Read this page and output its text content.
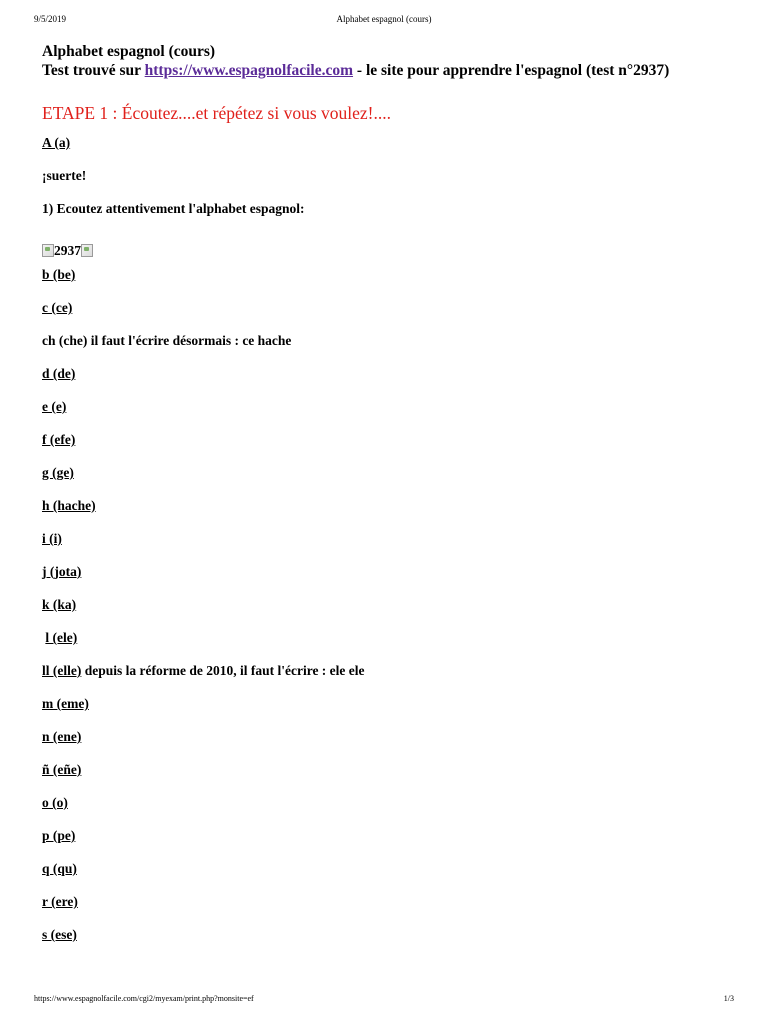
9/5/2019	Alphabet espagnol (cours)
Alphabet espagnol (cours)
Test trouvé sur https://www.espagnolfacile.com - le site pour apprendre l'espagnol (test n°2937)
ETAPE 1 : Écoutez....et répétez si vous voulez!....
A (a)
¡suerte!
1) Ecoutez attentivement l'alphabet espagnol:
2937
b (be)
c (ce)
ch (che) il faut l'écrire désormais : ce hache
d (de)
e (e)
f (efe)
g (ge)
h (hache)
i (i)
j (jota)
k (ka)
l (ele)
ll (elle) depuis la réforme de 2010, il faut l'écrire : ele ele
m (eme)
n (ene)
ñ (eñe)
o (o)
p (pe)
q (qu)
r (ere)
s (ese)
https://www.espagnolfacile.com/cgi2/myexam/print.php?monsite=ef	1/3
